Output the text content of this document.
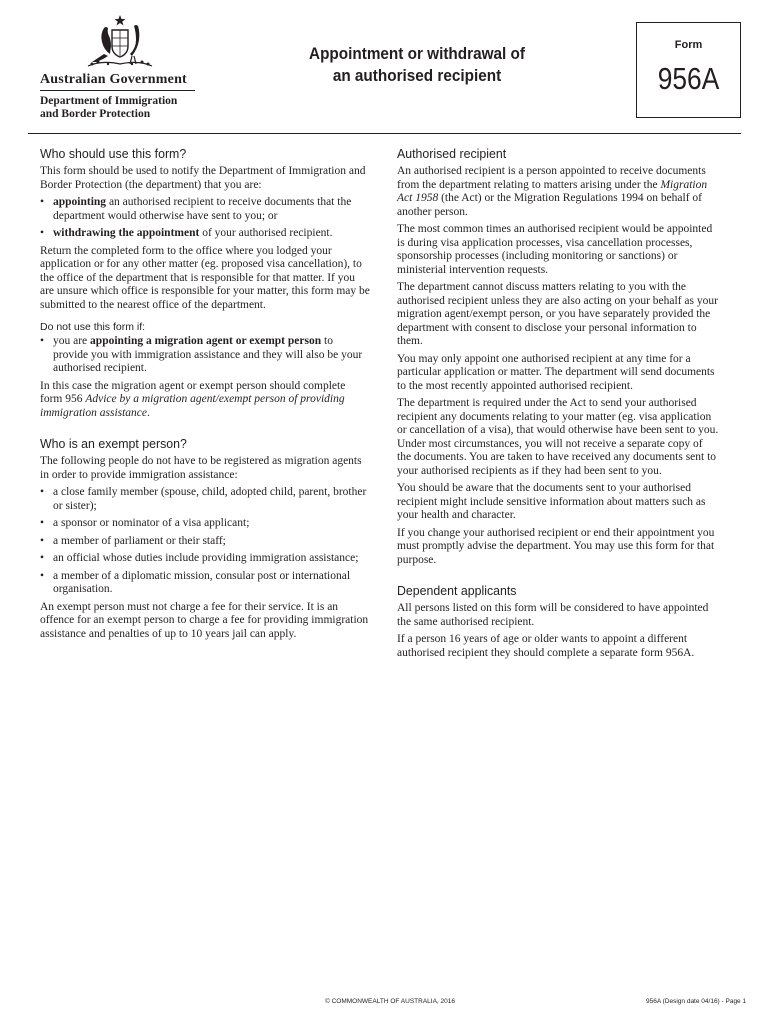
Australian Government
Department of Immigration
and Border Protection
Appointment or withdrawal of
an authorised recipient
Form
956A
Who should use this form?

This form should be used to notify the Department of Immigration and Border Protection (the department) that you are:

• appointing an authorised recipient to receive documents that the department would otherwise have sent to you; or
• withdrawing the appointment of your authorised recipient.

Return the completed form to the office where you lodged your application or for any other matter (eg. proposed visa cancellation), to the office of the department that is responsible for that matter. If you are unsure which office is responsible for your matter, this form may be submitted to the nearest office of the department.

Do not use this form if:
• you are appointing a migration agent or exempt person to provide you with immigration assistance and they will also be your authorised recipient.

In this case the migration agent or exempt person should complete form 956 Advice by a migration agent/exempt person of providing immigration assistance.

Who is an exempt person?

The following people do not have to be registered as migration agents in order to provide immigration assistance:

• a close family member (spouse, child, adopted child, parent, brother or sister);
• a sponsor or nominator of a visa applicant;
• a member of parliament or their staff;
• an official whose duties include providing immigration assistance;
• a member of a diplomatic mission, consular post or international organisation.

An exempt person must not charge a fee for their service. It is an offence for an exempt person to charge a fee for providing immigration assistance and penalties of up to 10 years jail can apply.

Authorised recipient

An authorised recipient is a person appointed to receive documents from the department relating to matters arising under the Migration Act 1958 (the Act) or the Migration Regulations 1994 on behalf of another person.

The most common times an authorised recipient would be appointed is during visa application processes, visa cancellation processes, sponsorship processes (including monitoring or sanctions) or ministerial intervention requests.

The department cannot discuss matters relating to you with the authorised recipient unless they are also acting on your behalf as your migration agent/exempt person, or you have separately provided the department with consent to disclose your personal information to them.

You may only appoint one authorised recipient at any time for a particular application or matter. The department will send documents to the most recently appointed authorised recipient.

The department is required under the Act to send your authorised recipient any documents relating to your matter (eg. visa application or cancellation of a visa), that would otherwise have been sent to you. Under most circumstances, you will not receive a separate copy of the documents. You are taken to have received any documents sent to your authorised recipients as if they had been sent to you.

You should be aware that the documents sent to your authorised recipient might include sensitive information about matters such as your health and character.

If you change your authorised recipient or end their appointment you must promptly advise the department. You may use this form for that purpose.

Dependent applicants

All persons listed on this form will be considered to have appointed the same authorised recipient.

If a person 16 years of age or older wants to appoint a different authorised recipient they should complete a separate form 956A.

© COMMONWEALTH OF AUSTRALIA, 2016	956A (Design date 04/16) - Page 1
